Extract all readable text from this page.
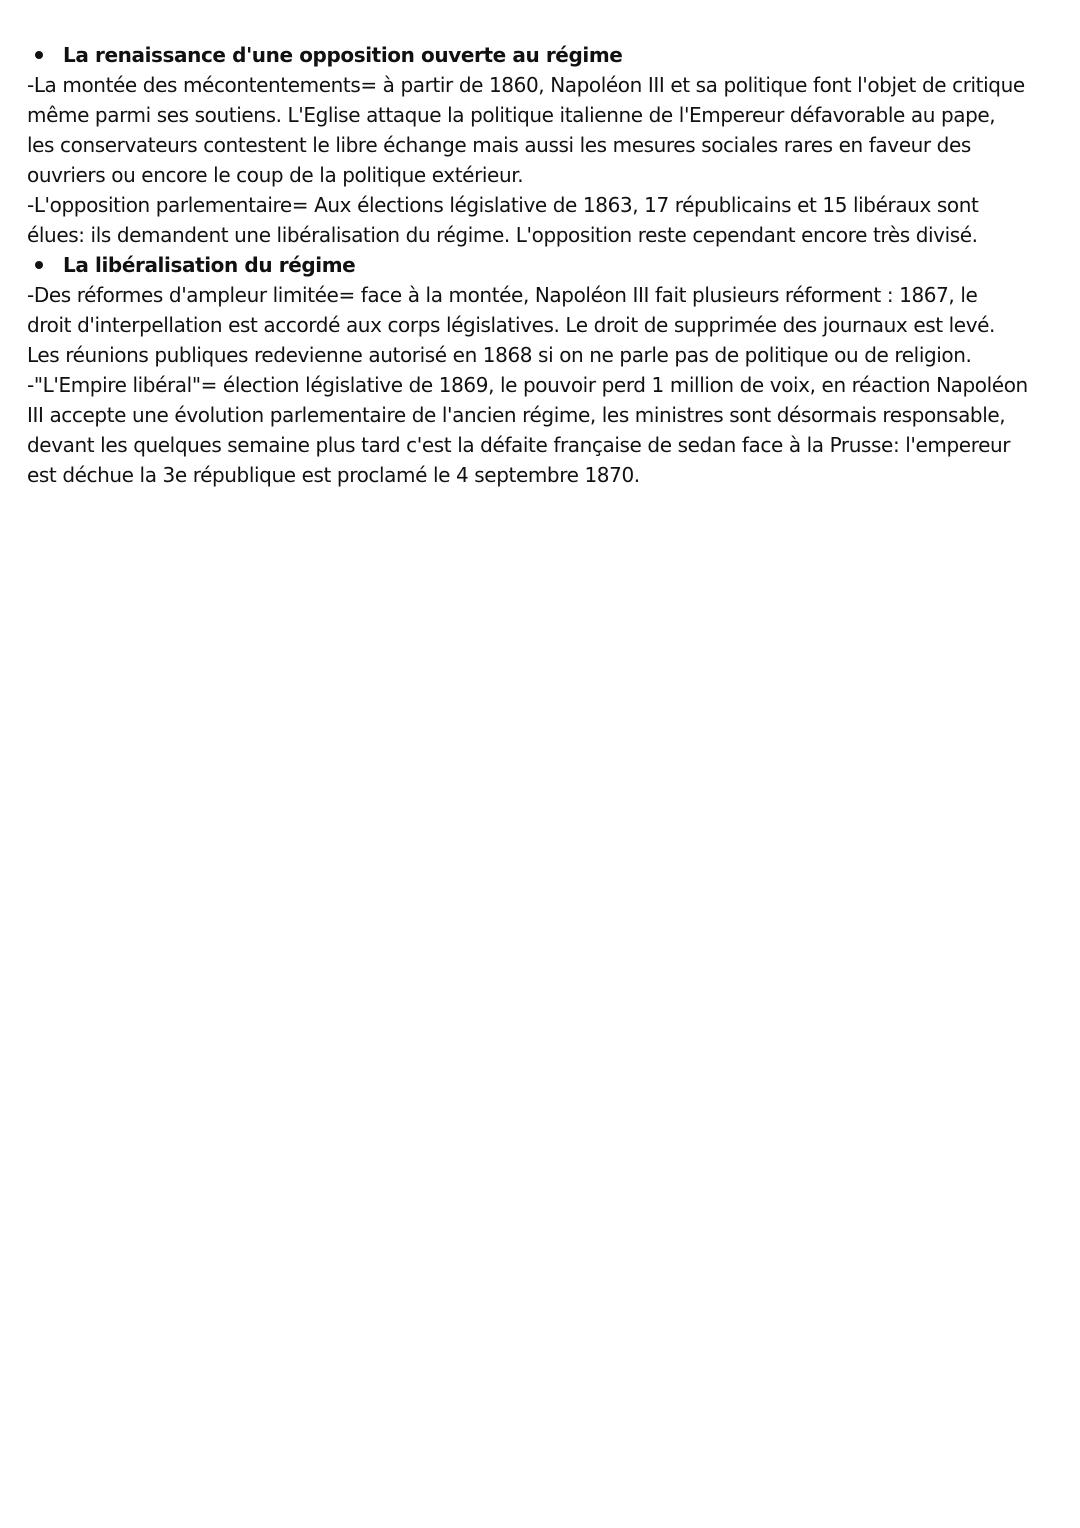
La renaissance d'une opposition ouverte au régime
-La montée des mécontentements= à partir de 1860, Napoléon III et sa politique font l'objet de critique
même parmi ses soutiens. L'Eglise attaque la politique italienne de l'Empereur défavorable au pape,
les conservateurs contestent le libre échange mais aussi les mesures sociales rares en faveur des
ouvriers ou encore le coup de la politique extérieur.
-L'opposition parlementaire= Aux élections législative de 1863, 17 républicains et 15 libéraux sont
élues: ils demandent une libéralisation du régime. L'opposition reste cependant encore très divisé.
La libéralisation du régime
-Des réformes d'ampleur limitée= face à la montée, Napoléon III fait plusieurs réforment : 1867, le
droit d'interpellation est accordé aux corps législatives. Le droit de supprimée des journaux est levé.
Les réunions publiques redevienne autorisé en 1868 si on ne parle pas de politique ou de religion.
-"L'Empire libéral"= élection législative de 1869, le pouvoir perd 1 million de voix, en réaction Napoléon
III accepte une évolution parlementaire de l'ancien régime, les ministres sont désormais responsable,
devant les quelques semaine plus tard c'est la défaite française de sedan face à la Prusse: l'empereur
est déchue la 3e république est proclamé le 4 septembre 1870.
